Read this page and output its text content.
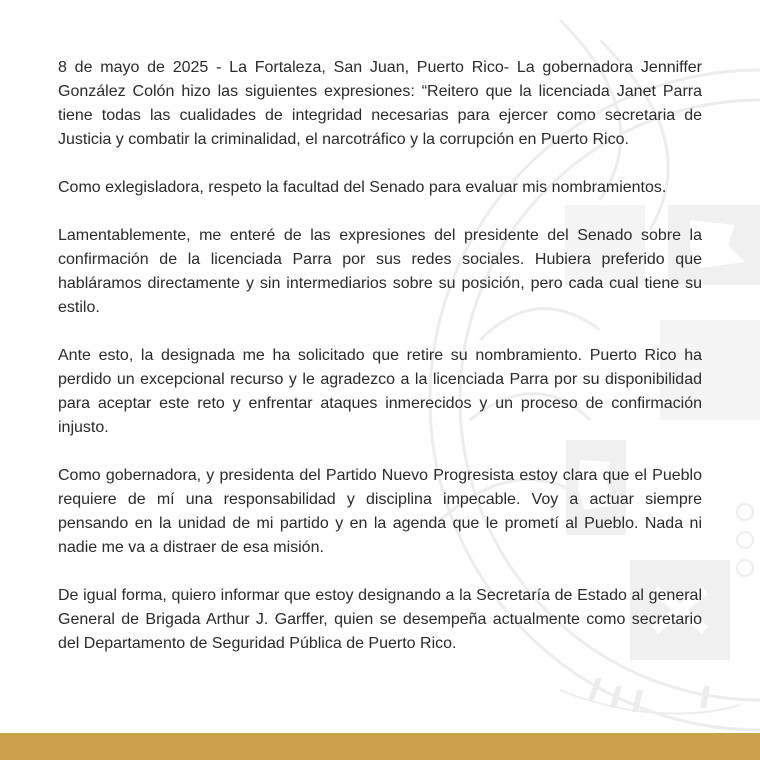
8 de mayo de 2025 - La Fortaleza, San Juan, Puerto Rico- La gobernadora Jenniffer González Colón hizo las siguientes expresiones: “Reitero que la licenciada Janet Parra tiene todas las cualidades de integridad necesarias para ejercer como secretaria de Justicia y combatir la criminalidad, el narcotráfico y la corrupción en Puerto Rico.

Como exlegisladora, respeto la facultad del Senado para evaluar mis nombramientos.

Lamentablemente, me enteré de las expresiones del presidente del Senado sobre la confirmación de la licenciada Parra por sus redes sociales. Hubiera preferido que habláramos directamente y sin intermediarios sobre su posición, pero cada cual tiene su estilo.

Ante esto, la designada me ha solicitado que retire su nombramiento. Puerto Rico ha perdido un excepcional recurso y le agradezco a la licenciada Parra por su disponibilidad para aceptar este reto y enfrentar ataques inmerecidos y un proceso de confirmación injusto.

Como gobernadora, y presidenta del Partido Nuevo Progresista estoy clara que el Pueblo requiere de mí una responsabilidad y disciplina impecable. Voy a actuar siempre pensando en la unidad de mi partido y en la agenda que le prometí al Pueblo. Nada ni nadie me va a distraer de esa misión.

De igual forma, quiero informar que estoy designando a la Secretaría de Estado al general General de Brigada Arthur J. Garffer, quien se desempeña actualmente como secretario del Departamento de Seguridad Pública de Puerto Rico.
